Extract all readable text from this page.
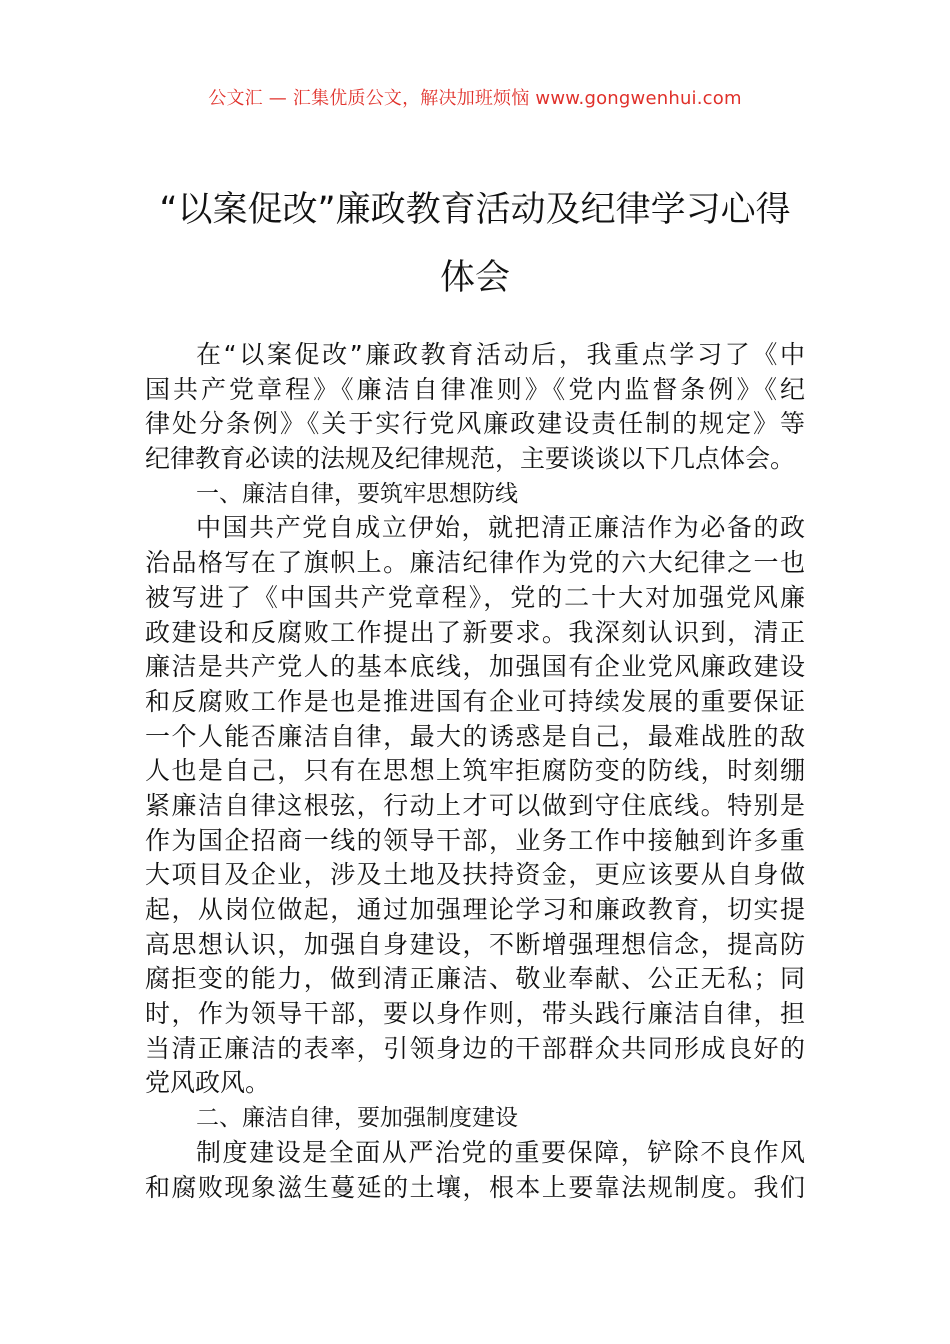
公文汇 — 汇集优质公文，解决加班烦恼 www.gongwenhui.com
“以案促改”廉政教育活动及纪律学习心得
体会
在“以案促改”廉政教育活动后，我重点学习了《中
国共产党章程》《廉洁自律准则》《党内监督条例》《纪
律处分条例》《关于实行党风廉政建设责任制的规定》等
纪律教育必读的法规及纪律规范，主要谈谈以下几点体会。
一、廉洁自律，要筑牢思想防线
中国共产党自成立伊始，就把清正廉洁作为必备的政
治品格写在了旗帜上。廉洁纪律作为党的六大纪律之一也
被写进了《中国共产党章程》，党的二十大对加强党风廉
政建设和反腐败工作提出了新要求。我深刻认识到，清正
廉洁是共产党人的基本底线，加强国有企业党风廉政建设
和反腐败工作是也是推进国有企业可持续发展的重要保证
一个人能否廉洁自律，最大的诱惑是自己，最难战胜的敌
人也是自己，只有在思想上筑牢拒腐防变的防线，时刻绷
紧廉洁自律这根弦，行动上才可以做到守住底线。特别是
作为国企招商一线的领导干部，业务工作中接触到许多重
大项目及企业，涉及土地及扶持资金，更应该要从自身做
起，从岗位做起，通过加强理论学习和廉政教育，切实提
高思想认识，加强自身建设，不断增强理想信念，提高防
腐拒变的能力，做到清正廉洁、敬业奉献、公正无私；同
时，作为领导干部，要以身作则，带头践行廉洁自律，担
当清正廉洁的表率，引领身边的干部群众共同形成良好的
党风政风。
二、廉洁自律，要加强制度建设
制度建设是全面从严治党的重要保障，铲除不良作风
和腐败现象滋生蔓延的土壤，根本上要靠法规制度。我们
